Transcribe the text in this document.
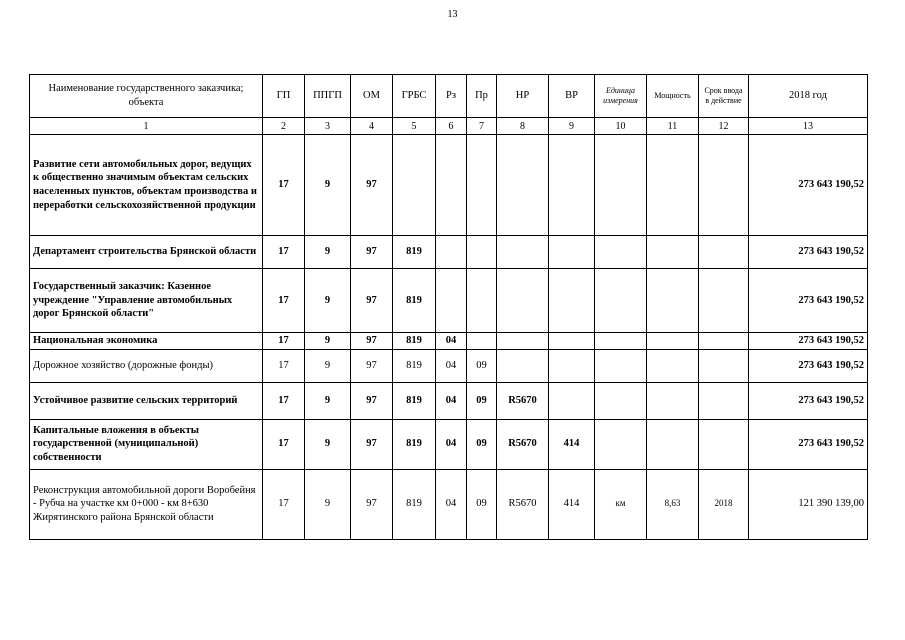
13
Наименование государственного заказчика; объекта	ГП	ППГП	ОМ	ГРБС	Рз	Пр	НР	ВР	Единица измерения	Мощность	Срок ввода в действие	2018 год
1	2	3	4	5	6	7	8	9	10	11	12	13
Развитие сети автомобильных дорог, ведущих к общественно значимым объектам сельских населенных пунктов, объектам производства и переработки сельскохозяйственной продукции	17	9	97									273 643 190,52
Департамент строительства Брянской области	17	9	97	819								273 643 190,52
Государственный заказчик: Казенное учреждение "Управление автомобильных дорог Брянской области"	17	9	97	819								273 643 190,52
Национальная экономика	17	9	97	819	04							273 643 190,52
Дорожное хозяйство (дорожные фонды)	17	9	97	819	04	09						273 643 190,52
Устойчивое развитие сельских территорий	17	9	97	819	04	09	R5670					273 643 190,52
Капитальные вложения в объекты государственной (муниципальной) собственности	17	9	97	819	04	09	R5670	414				273 643 190,52
Реконструкция автомобильной дороги Воробейня - Рубча на участке км 0+000 - км 8+630 Жирятинского района Брянской области	17	9	97	819	04	09	R5670	414	км	8,63	2018	121 390 139,00
